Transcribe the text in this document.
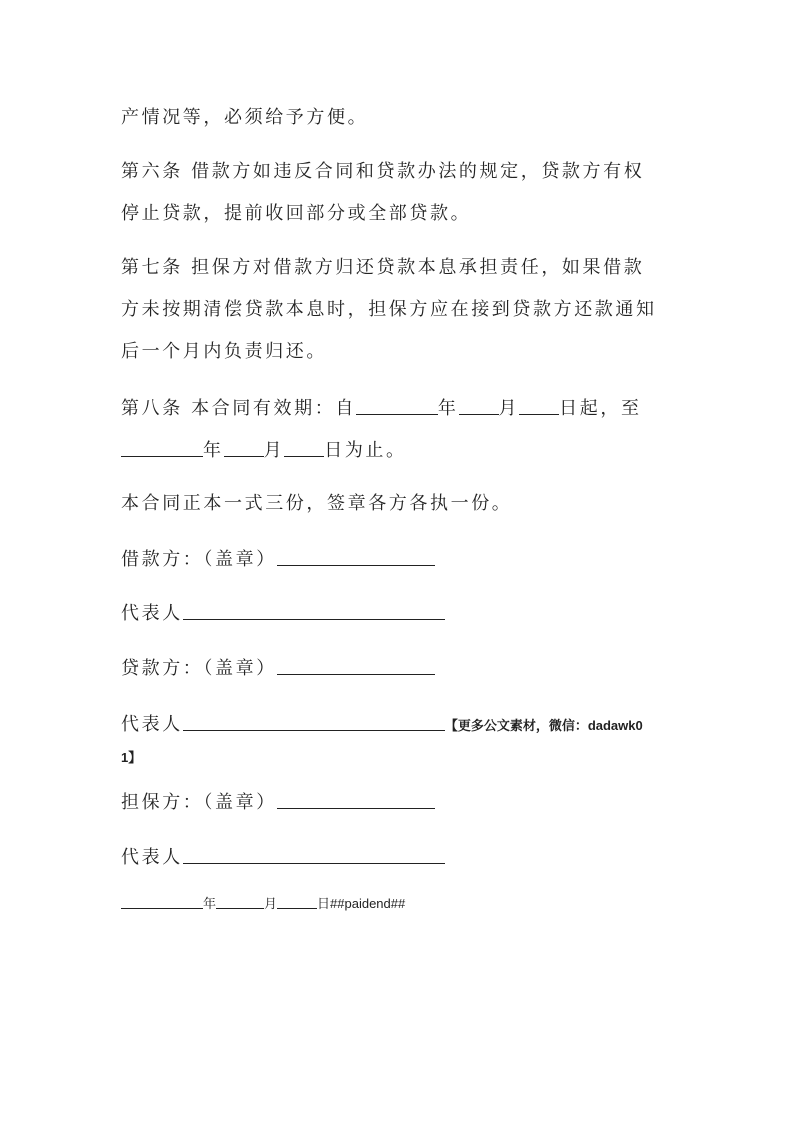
产情况等，必须给予方便。
第六条 借款方如违反合同和贷款办法的规定，贷款方有权
停止贷款，提前收回部分或全部贷款。
第七条 担保方对借款方归还贷款本息承担责任，如果借款
方未按期清偿贷款本息时，担保方应在接到贷款方还款通知
后一个月内负责归还。
第八条 本合同有效期：自	年 月 日起，至
年 月 日为止。
本合同正本一式三份，签章各方各执一份。
借款方：（盖章）
代表人
贷款方：（盖章）
代表人	【更多公文素材，微信：dadawk0
1】
担保方：（盖章）
代表人
年	月	日##paidend##
